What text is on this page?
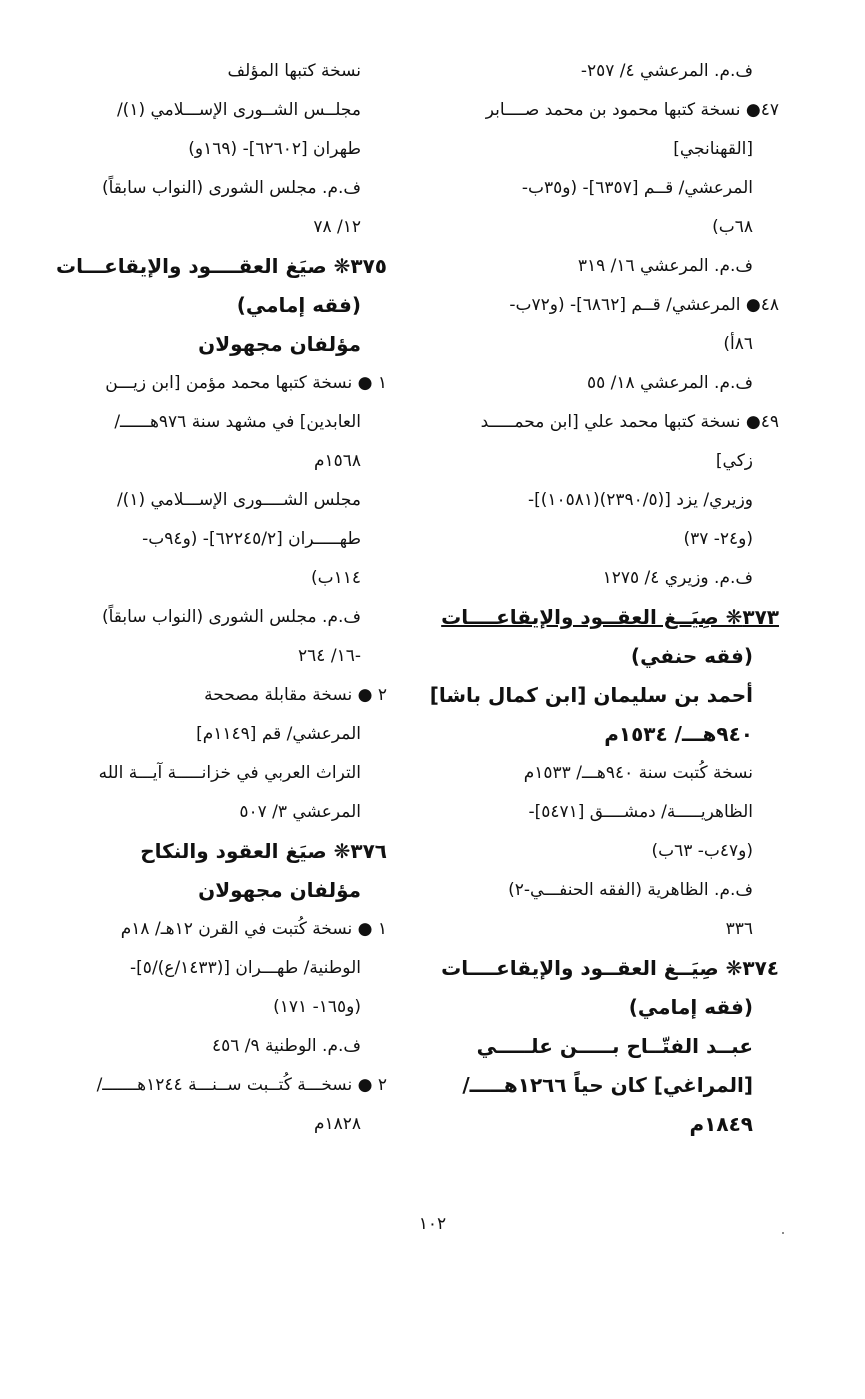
ف.م. المرعشي ٤/ ٢٥٧-
٤٧● نسخة كتبها محمود بن محمد صــــابر
[القهنانجي]
المرعشي/ قــم [٦٣٥٧]- (و٣٥ب-
٦٨ب)
ف.م. المرعشي ١٦/ ٣١٩
٤٨● المرعشي/ قــم [٦٨٦٢]- (و٧٢ب-
٨٦أ)
ف.م. المرعشي ١٨/ ٥٥
٤٩● نسخة كتبها محمد علي [ابن محمـــــد
زكي]
وزيري/ يزد [(٢٣٩٠/٥)(١٠٥٨١)]-
(و٢٤- ٣٧)
ف.م. وزيري ٤/ ١٢٧٥
٣٧٣❋ صِيَــغ العقــود والإيقاعــــات
(فقه حنفي)
أحمد بن سليمان [ابن كمال باشا]
٩٤٠هـــ/ ١٥٣٤م
نسخة كُتبت سنة ٩٤٠هـــ/ ١٥٣٣م
الظاهريـــــة/ دمشــــق [٥٤٧١]-
(و٤٧ب- ٦٣ب)
ف.م. الظاهرية (الفقه الحنفـــي-٢)
٣٣٦
٣٧٤❋ صِيَــغ العقــود والإيقاعــــات
(فقه إمامي)
عبــد الفتّــاح بـــــن علـــــي
[المراغي] كان حياً ١٢٦٦هـــــ/
١٨٤٩م
نسخة كتبها المؤلف
مجلــس الشــورى الإســـلامي (١)/
طهران [٦٢٦٠٢]- (١٦٩و)
ف.م. مجلس الشورى (النواب سابقاً)
١٢/ ٧٨
٣٧٥❋ صيَغ العقــــود والإيقاعـــات
(فقه إمامي)
مؤلفان مجهولان
١ ● نسخة كتبها محمد مؤمن [ابن زيـــن
العابدين] في مشهد سنة ٩٧٦هــــــ/
١٥٦٨م
مجلس الشــــورى الإســـلامي (١)/
طهـــــران [٦٢٢٤٥/٢]- (و٩٤ب-
١١٤ب)
ف.م. مجلس الشورى (النواب سابقاً)
١٦/ ٢٦٤-
٢ ● نسخة مقابلة مصححة
المرعشي/ قم [١١٤٩م]
التراث العربي في خزانـــــة آيـــة الله
المرعشي ٣/ ٥٠٧
٣٧٦❋ صيَغ العقود والنكاح
مؤلفان مجهولان
١ ● نسخة كُتبت في القرن ١٢هـ/ ١٨م
الوطنية/ طهـــران [(١٤٣٣/ع)/٥]-
(و١٦٥- ١٧١)
ف.م. الوطنية ٩/ ٤٥٦
٢ ● نسخـــة كُتــبت ســنـــة ١٢٤٤هـــــــ/
١٨٢٨م
١٠٢
